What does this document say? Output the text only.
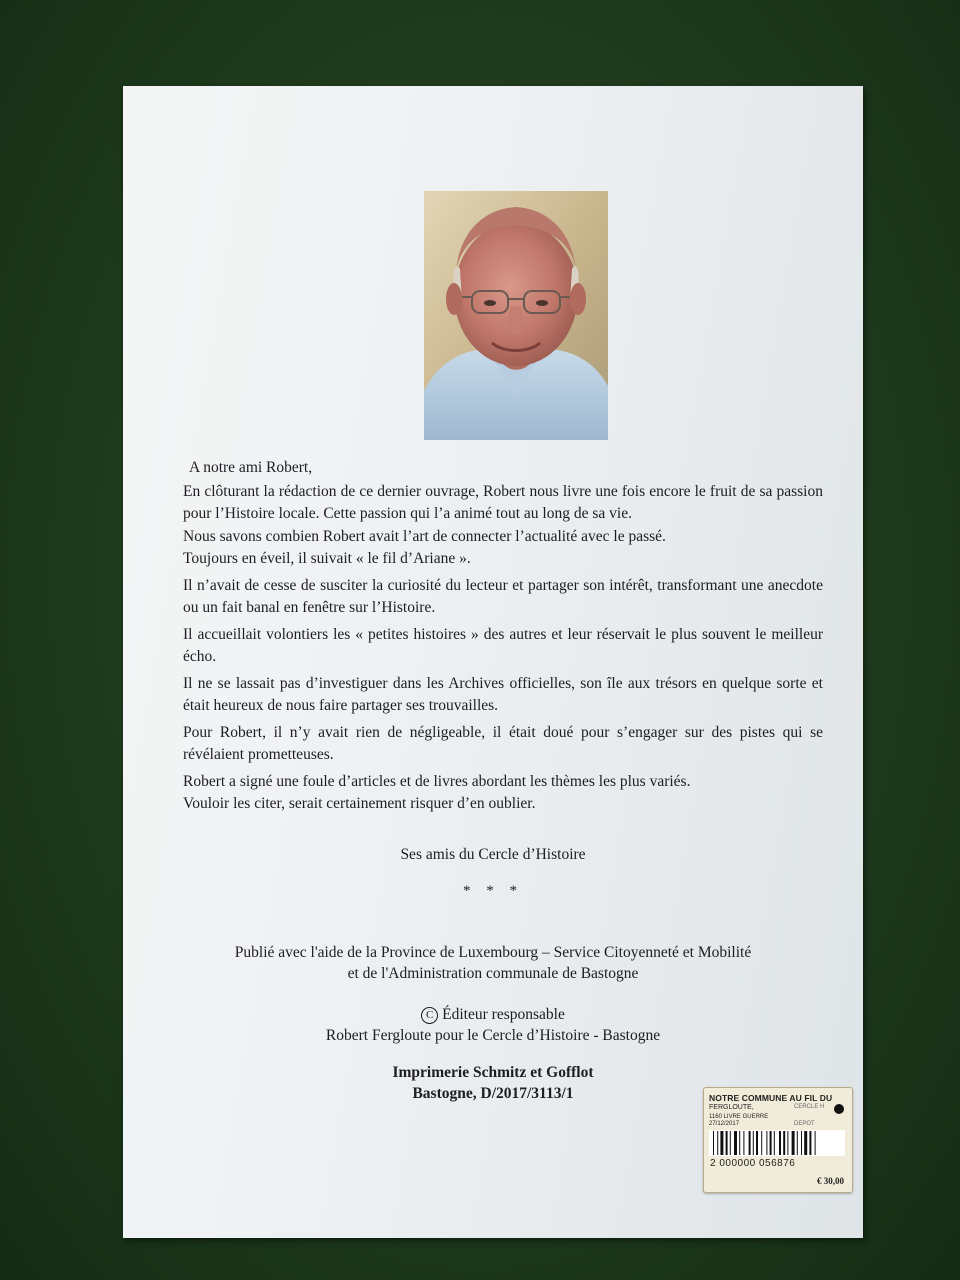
A notre ami Robert,

En clôturant la rédaction de ce dernier ouvrage, Robert nous livre une fois encore le fruit de sa passion pour l’Histoire locale. Cette passion qui l’a animé tout au long de sa vie.

Nous savons combien Robert avait l’art de connecter l’actualité avec le passé.

Toujours en éveil, il suivait « le fil d’Ariane ».

Il n’avait de cesse de susciter la curiosité du lecteur et partager son intérêt, transformant une anecdote ou un fait banal en fenêtre sur l’Histoire.

Il accueillait volontiers les « petites histoires » des autres et leur réservait le plus souvent le meilleur écho.

Il ne se lassait pas d’investiguer dans les Archives officielles, son île aux trésors en quelque sorte et était heureux de nous faire partager ses trouvailles.

Pour Robert, il n’y avait rien de négligeable, il était doué pour s’engager sur des pistes qui se révélaient prometteuses.

Robert a signé une foule d’articles et de livres abordant les thèmes les plus variés.

Vouloir les citer, serait certainement risquer d’en oublier.

Ses amis du Cercle d’Histoire
* * *
Publié avec l'aide de la Province de Luxembourg – Service Citoyenneté et Mobilité
et de l'Administration communale de Bastogne
C Éditeur responsable
Robert Fergloute pour le Cercle d’Histoire - Bastogne
Imprimerie Schmitz et Gofflot
Bastogne, D/2017/3113/1	NOTRE COMMUNE AU FIL DU
FERGLOUTE,	CERCLE H
1160 LIVRE GUERRE
27/12/2017	DEPOT
2 000000 056876
€ 30,00
